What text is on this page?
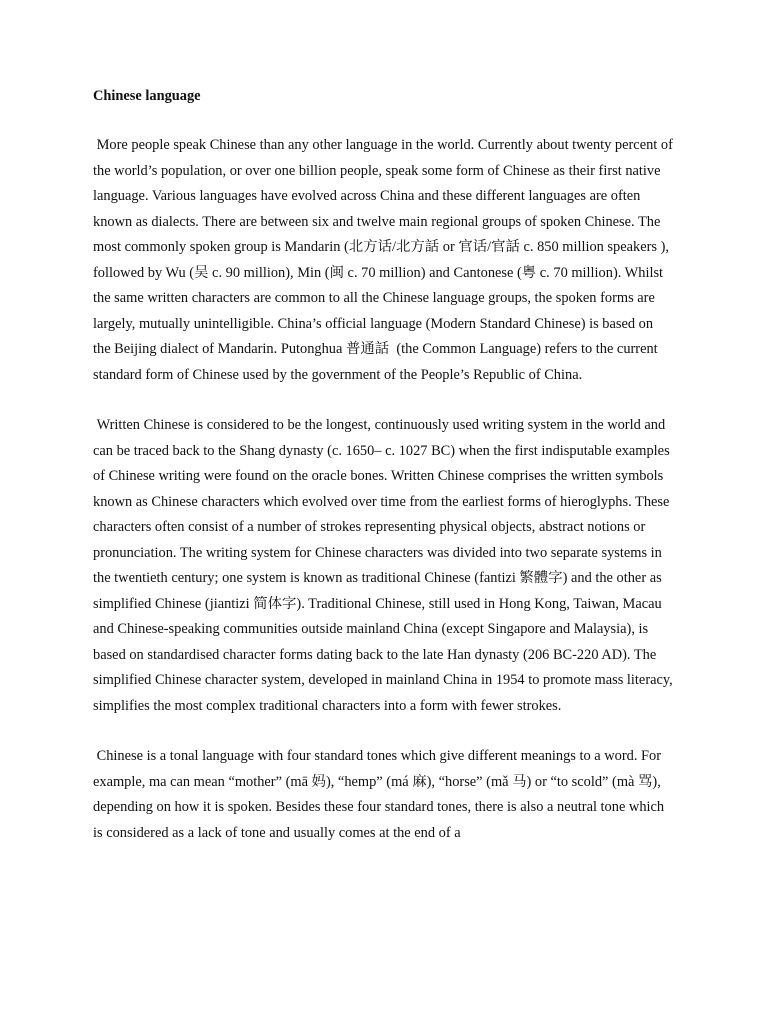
Chinese language

More people speak Chinese than any other language in the world. Currently about twenty percent of the world’s population, or over one billion people, speak some form of Chinese as their first native language. Various languages have evolved across China and these different languages are often known as dialects. There are between six and twelve main regional groups of spoken Chinese. The most commonly spoken group is Mandarin (北方话/北方話 or 官话/官話 c. 850 million speakers ), followed by Wu (吴 c. 90 million), Min (闽 c. 70 million) and Cantonese (粤 c. 70 million). Whilst the same written characters are common to all the Chinese language groups, the spoken forms are largely, mutually unintelligible. China’s official language (Modern Standard Chinese) is based on the Beijing dialect of Mandarin. Putonghua 普通話  (the Common Language) refers to the current standard form of Chinese used by the government of the People’s Republic of China.

Written Chinese is considered to be the longest, continuously used writing system in the world and can be traced back to the Shang dynasty (c. 1650– c. 1027 BC) when the first indisputable examples of Chinese writing were found on the oracle bones. Written Chinese comprises the written symbols known as Chinese characters which evolved over time from the earliest forms of hieroglyphs. These characters often consist of a number of strokes representing physical objects, abstract notions or pronunciation. The writing system for Chinese characters was divided into two separate systems in the twentieth century; one system is known as traditional Chinese (fantizi 繁體字) and the other as simplified Chinese (jiantizi 简体字). Traditional Chinese, still used in Hong Kong, Taiwan, Macau and Chinese-speaking communities outside mainland China (except Singapore and Malaysia), is based on standardised character forms dating back to the late Han dynasty (206 BC-220 AD). The simplified Chinese character system, developed in mainland China in 1954 to promote mass literacy, simplifies the most complex traditional characters into a form with fewer strokes.

Chinese is a tonal language with four standard tones which give different meanings to a word. For example, ma can mean “mother” (mā 妈), “hemp” (má 麻), “horse” (mǎ 马) or “to scold” (mà 骂), depending on how it is spoken. Besides these four standard tones, there is also a neutral tone which is considered as a lack of tone and usually comes at the end of a
